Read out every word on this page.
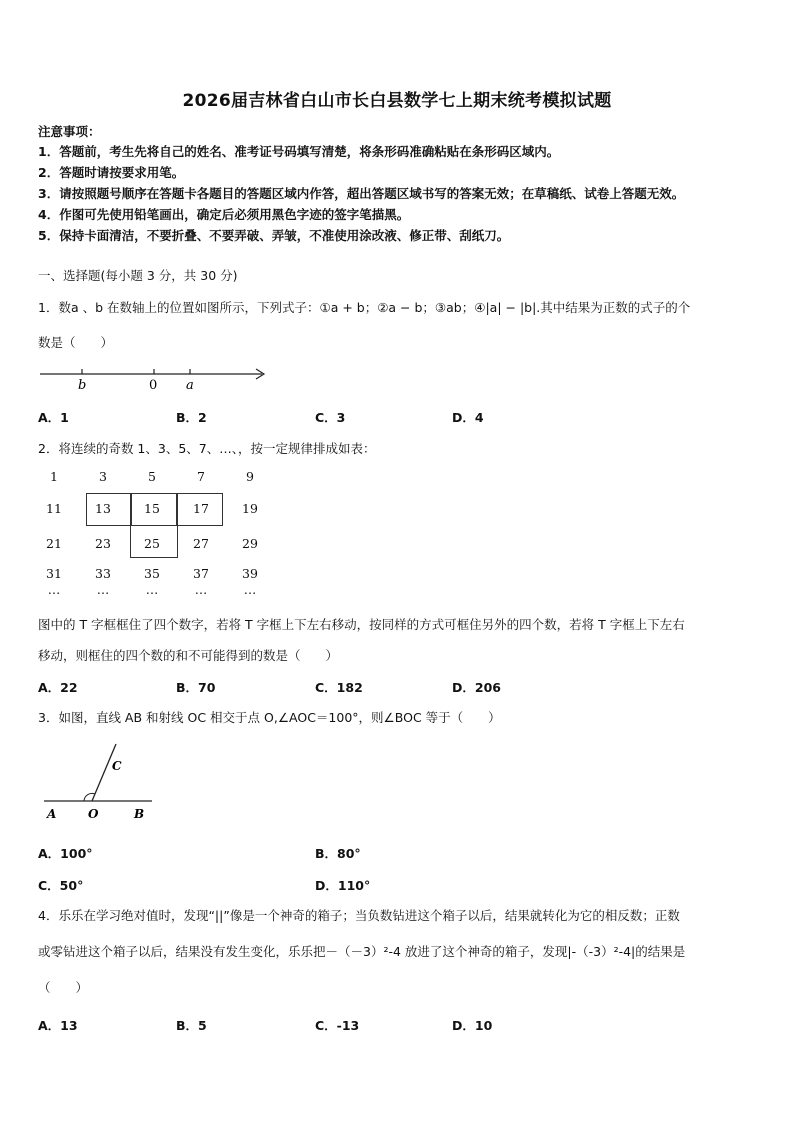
2026届吉林省白山市长白县数学七上期末统考模拟试题
注意事项：
1．答题前，考生先将自己的姓名、准考证号码填写清楚，将条形码准确粘贴在条形码区域内。
2．答题时请按要求用笔。
3．请按照题号顺序在答题卡各题目的答题区域内作答，超出答题区域书写的答案无效；在草稿纸、试卷上答题无效。
4．作图可先使用铅笔画出，确定后必须用黑色字迹的签字笔描黑。
5．保持卡面清洁，不要折叠、不要弄破、弄皱，不准使用涂改液、修正带、刮纸刀。
一、选择题(每小题 3 分，共 30 分)
1．数a 、b 在数轴上的位置如图所示，下列式子：①a + b；②a − b；③ab；④|a| − |b|.其中结果为正数的式子的个
数是（　　）
b	0 a
A．1	B．2	C．3	D．4
2．将连续的奇数 1、3、5、7、…、，按一定规律排成如表：
1	3	5	7	9
11	13	15	17	19
21	23	25	27	29
31	33	35	37	39
…	…	…	…	…
图中的 T 字框框住了四个数字，若将 T 字框上下左右移动，按同样的方式可框住另外的四个数，若将 T 字框上下左右
移动，则框住的四个数的和不可能得到的数是（　　）
A．22	B．70	C．182	D．206
3．如图，直线 AB 和射线 OC 相交于点 O,∠AOC＝100°，则∠BOC 等于（　　）
C
A	O	B
A．100°	B．80°
C．50°	D．110°
4．乐乐在学习绝对值时，发现“||”像是一个神奇的箱子；当负数钻进这个箱子以后，结果就转化为它的相反数；正数
或零钻进这个箱子以后，结果没有发生变化，乐乐把－（－3）²-4 放进了这个神奇的箱子，发现|-（-3）²-4|的结果是
（　　）
A．13	B．5	C．-13	D．10
